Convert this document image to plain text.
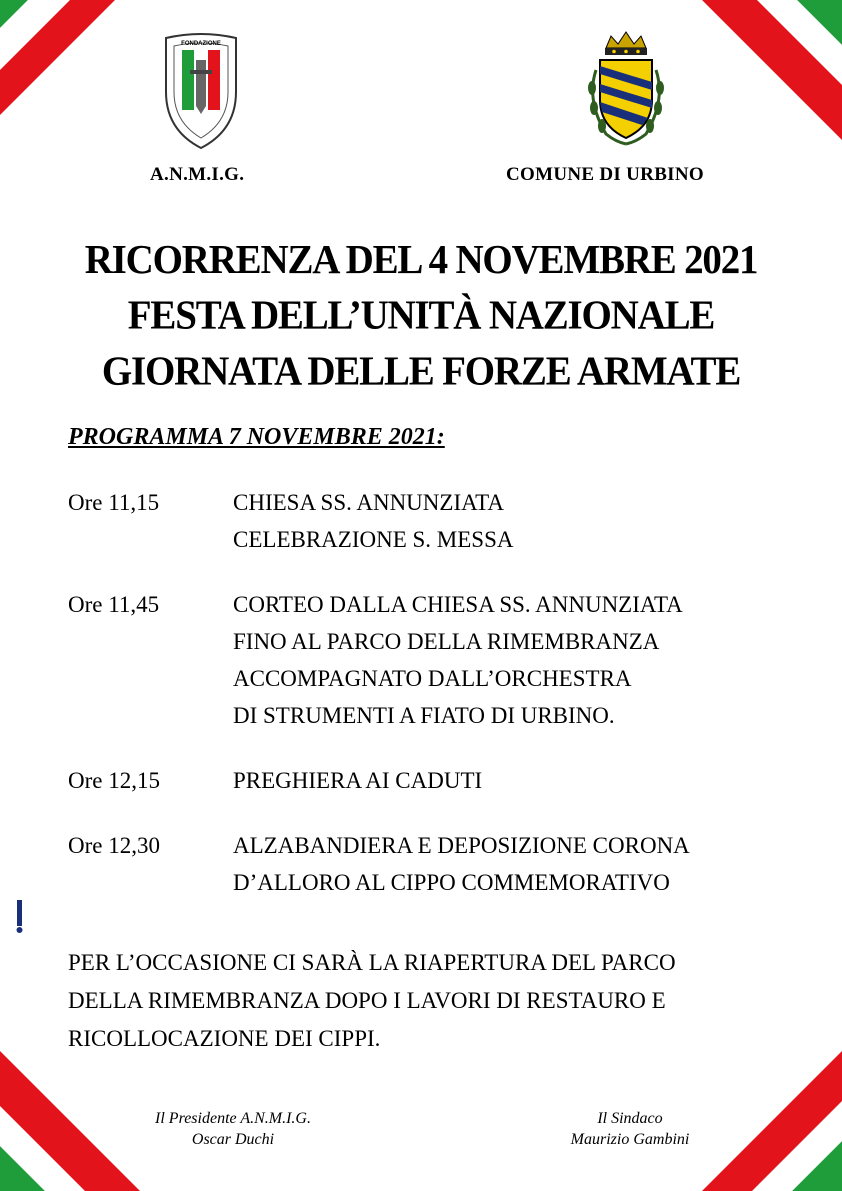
FONDAZIONE
A.N.M.I.G.	COMUNE DI URBINO
RICORRENZA DEL 4 NOVEMBRE 2021
FESTA DELL’UNITÀ NAZIONALE
GIORNATA DELLE FORZE ARMATE
PROGRAMMA 7 NOVEMBRE 2021:
Ore 11,15	CHIESA SS. ANNUNZIATA
CELEBRAZIONE S. MESSA
Ore 11,45	CORTEO DALLA CHIESA SS. ANNUNZIATA
FINO AL PARCO DELLA RIMEMBRANZA
ACCOMPAGNATO DALL’ORCHESTRA
DI STRUMENTI A FIATO DI URBINO.
Ore 12,15	PREGHIERA AI CADUTI
Ore 12,30	ALZABANDIERA E DEPOSIZIONE CORONA
D’ALLORO AL CIPPO COMMEMORATIVO
PER L’OCCASIONE CI SARÀ LA RIAPERTURA DEL PARCO
DELLA RIMEMBRANZA DOPO I LAVORI DI RESTAURO E
RICOLLOCAZIONE DEI CIPPI.
Il Presidente A.N.M.I.G.
Oscar Duchi
Il Sindaco
Maurizio Gambini
